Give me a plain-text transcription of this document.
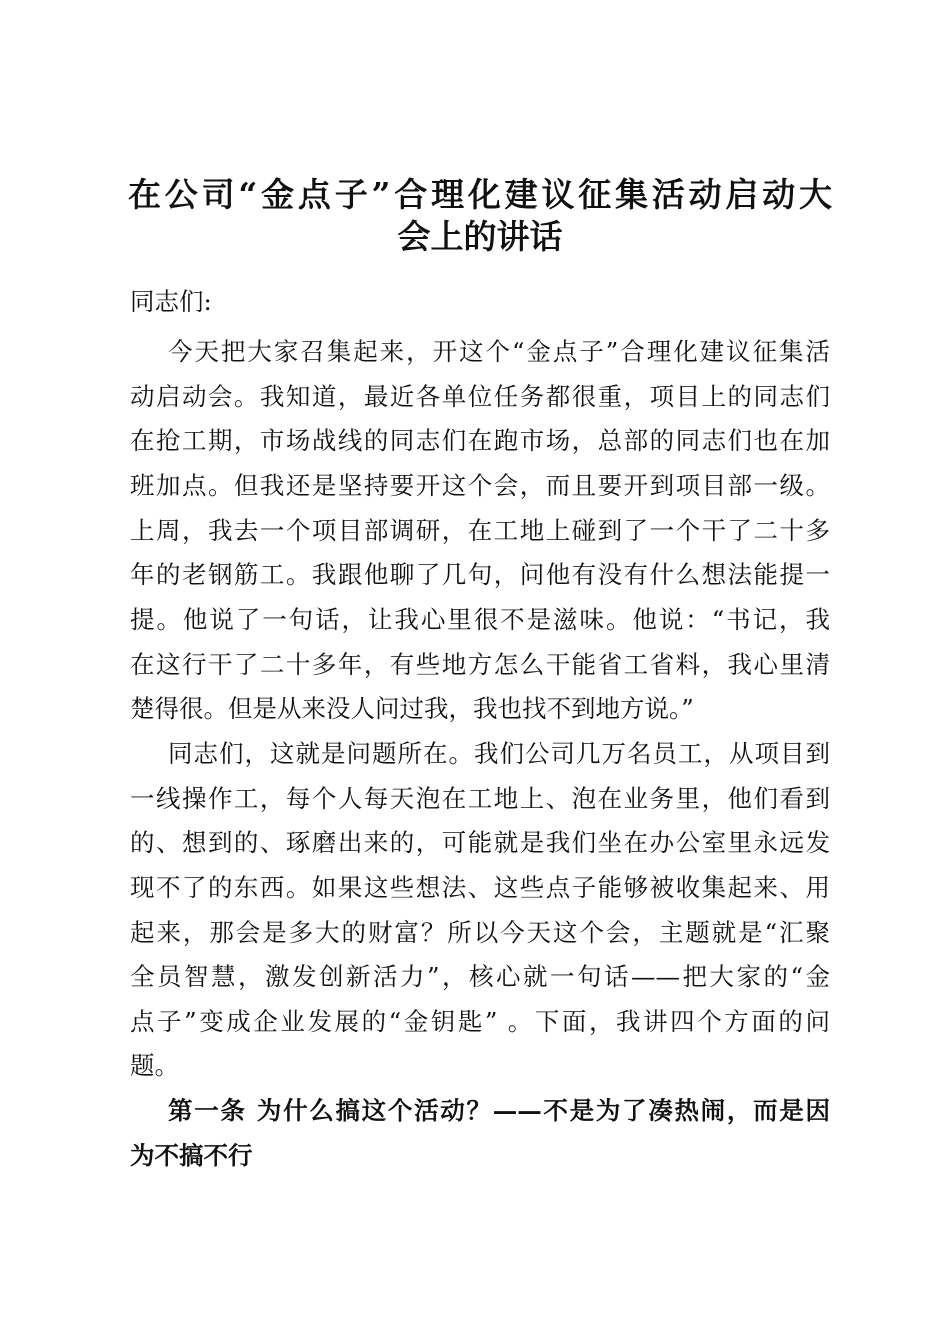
在公司“金点子”合理化建议征集活动启动大
会上的讲话
同志们:
今天把大家召集起来，开这个“金点子”合理化建议征集活
动启动会。我知道，最近各单位任务都很重，项目上的同志们
在抢工期，市场战线的同志们在跑市场，总部的同志们也在加
班加点。但我还是坚持要开这个会，而且要开到项目部一级。
上周，我去一个项目部调研，在工地上碰到了一个干了二十多
年的老钢筋工。我跟他聊了几句，问他有没有什么想法能提一
提。他说了一句话，让我心里很不是滋味。他说：“书记，我
在这行干了二十多年，有些地方怎么干能省工省料，我心里清
楚得很。但是从来没人问过我，我也找不到地方说。”
同志们，这就是问题所在。我们公司几万名员工，从项目到
一线操作工，每个人每天泡在工地上、泡在业务里，他们看到
的、想到的、琢磨出来的，可能就是我们坐在办公室里永远发
现不了的东西。如果这些想法、这些点子能够被收集起来、用
起来，那会是多大的财富？所以今天这个会，主题就是“汇聚
全员智慧，激发创新活力”，核心就一句话——把大家的“金
点子”变成企业发展的“金钥匙” 。下面，我讲四个方面的问
题。
第一条 为什么搞这个活动？——不是为了凑热闹，而是因
为不搞不行
